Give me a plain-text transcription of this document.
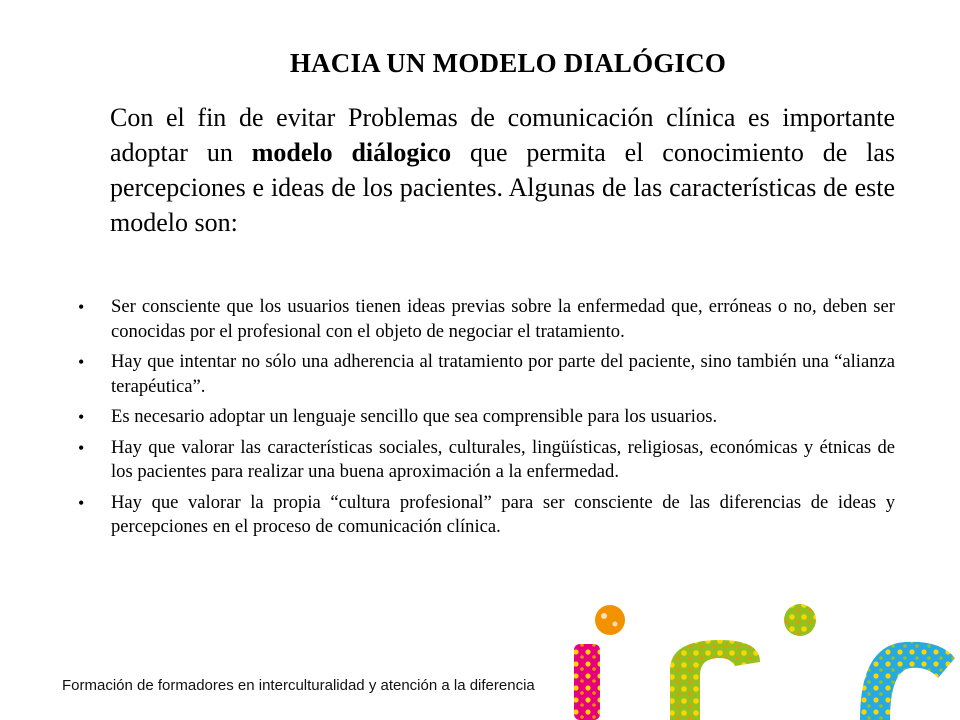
HACIA UN MODELO DIALÓGICO

Con el fin de evitar Problemas de comunicación clínica es importante adoptar un modelo diálogico que permita el conocimiento de las percepciones e ideas de los pacientes. Algunas de las características de este modelo son:

• Ser consciente que los usuarios tienen ideas previas sobre la enfermedad que, erróneas o no, deben ser conocidas por el profesional con el objeto de negociar el tratamiento.
• Hay que intentar no sólo una adherencia al tratamiento por parte del paciente, sino también una “alianza terapéutica”.
• Es necesario adoptar un lenguaje sencillo que sea comprensible para los usuarios.
• Hay que valorar las características sociales, culturales, lingüísticas, religiosas, económicas y étnicas de los pacientes para realizar una buena aproximación a la enfermedad.
• Hay que valorar la propia “cultura profesional” para ser consciente de las diferencias de ideas y percepciones en el proceso de comunicación clínica.
Formación de formadores en interculturalidad y atención a la diferencia
